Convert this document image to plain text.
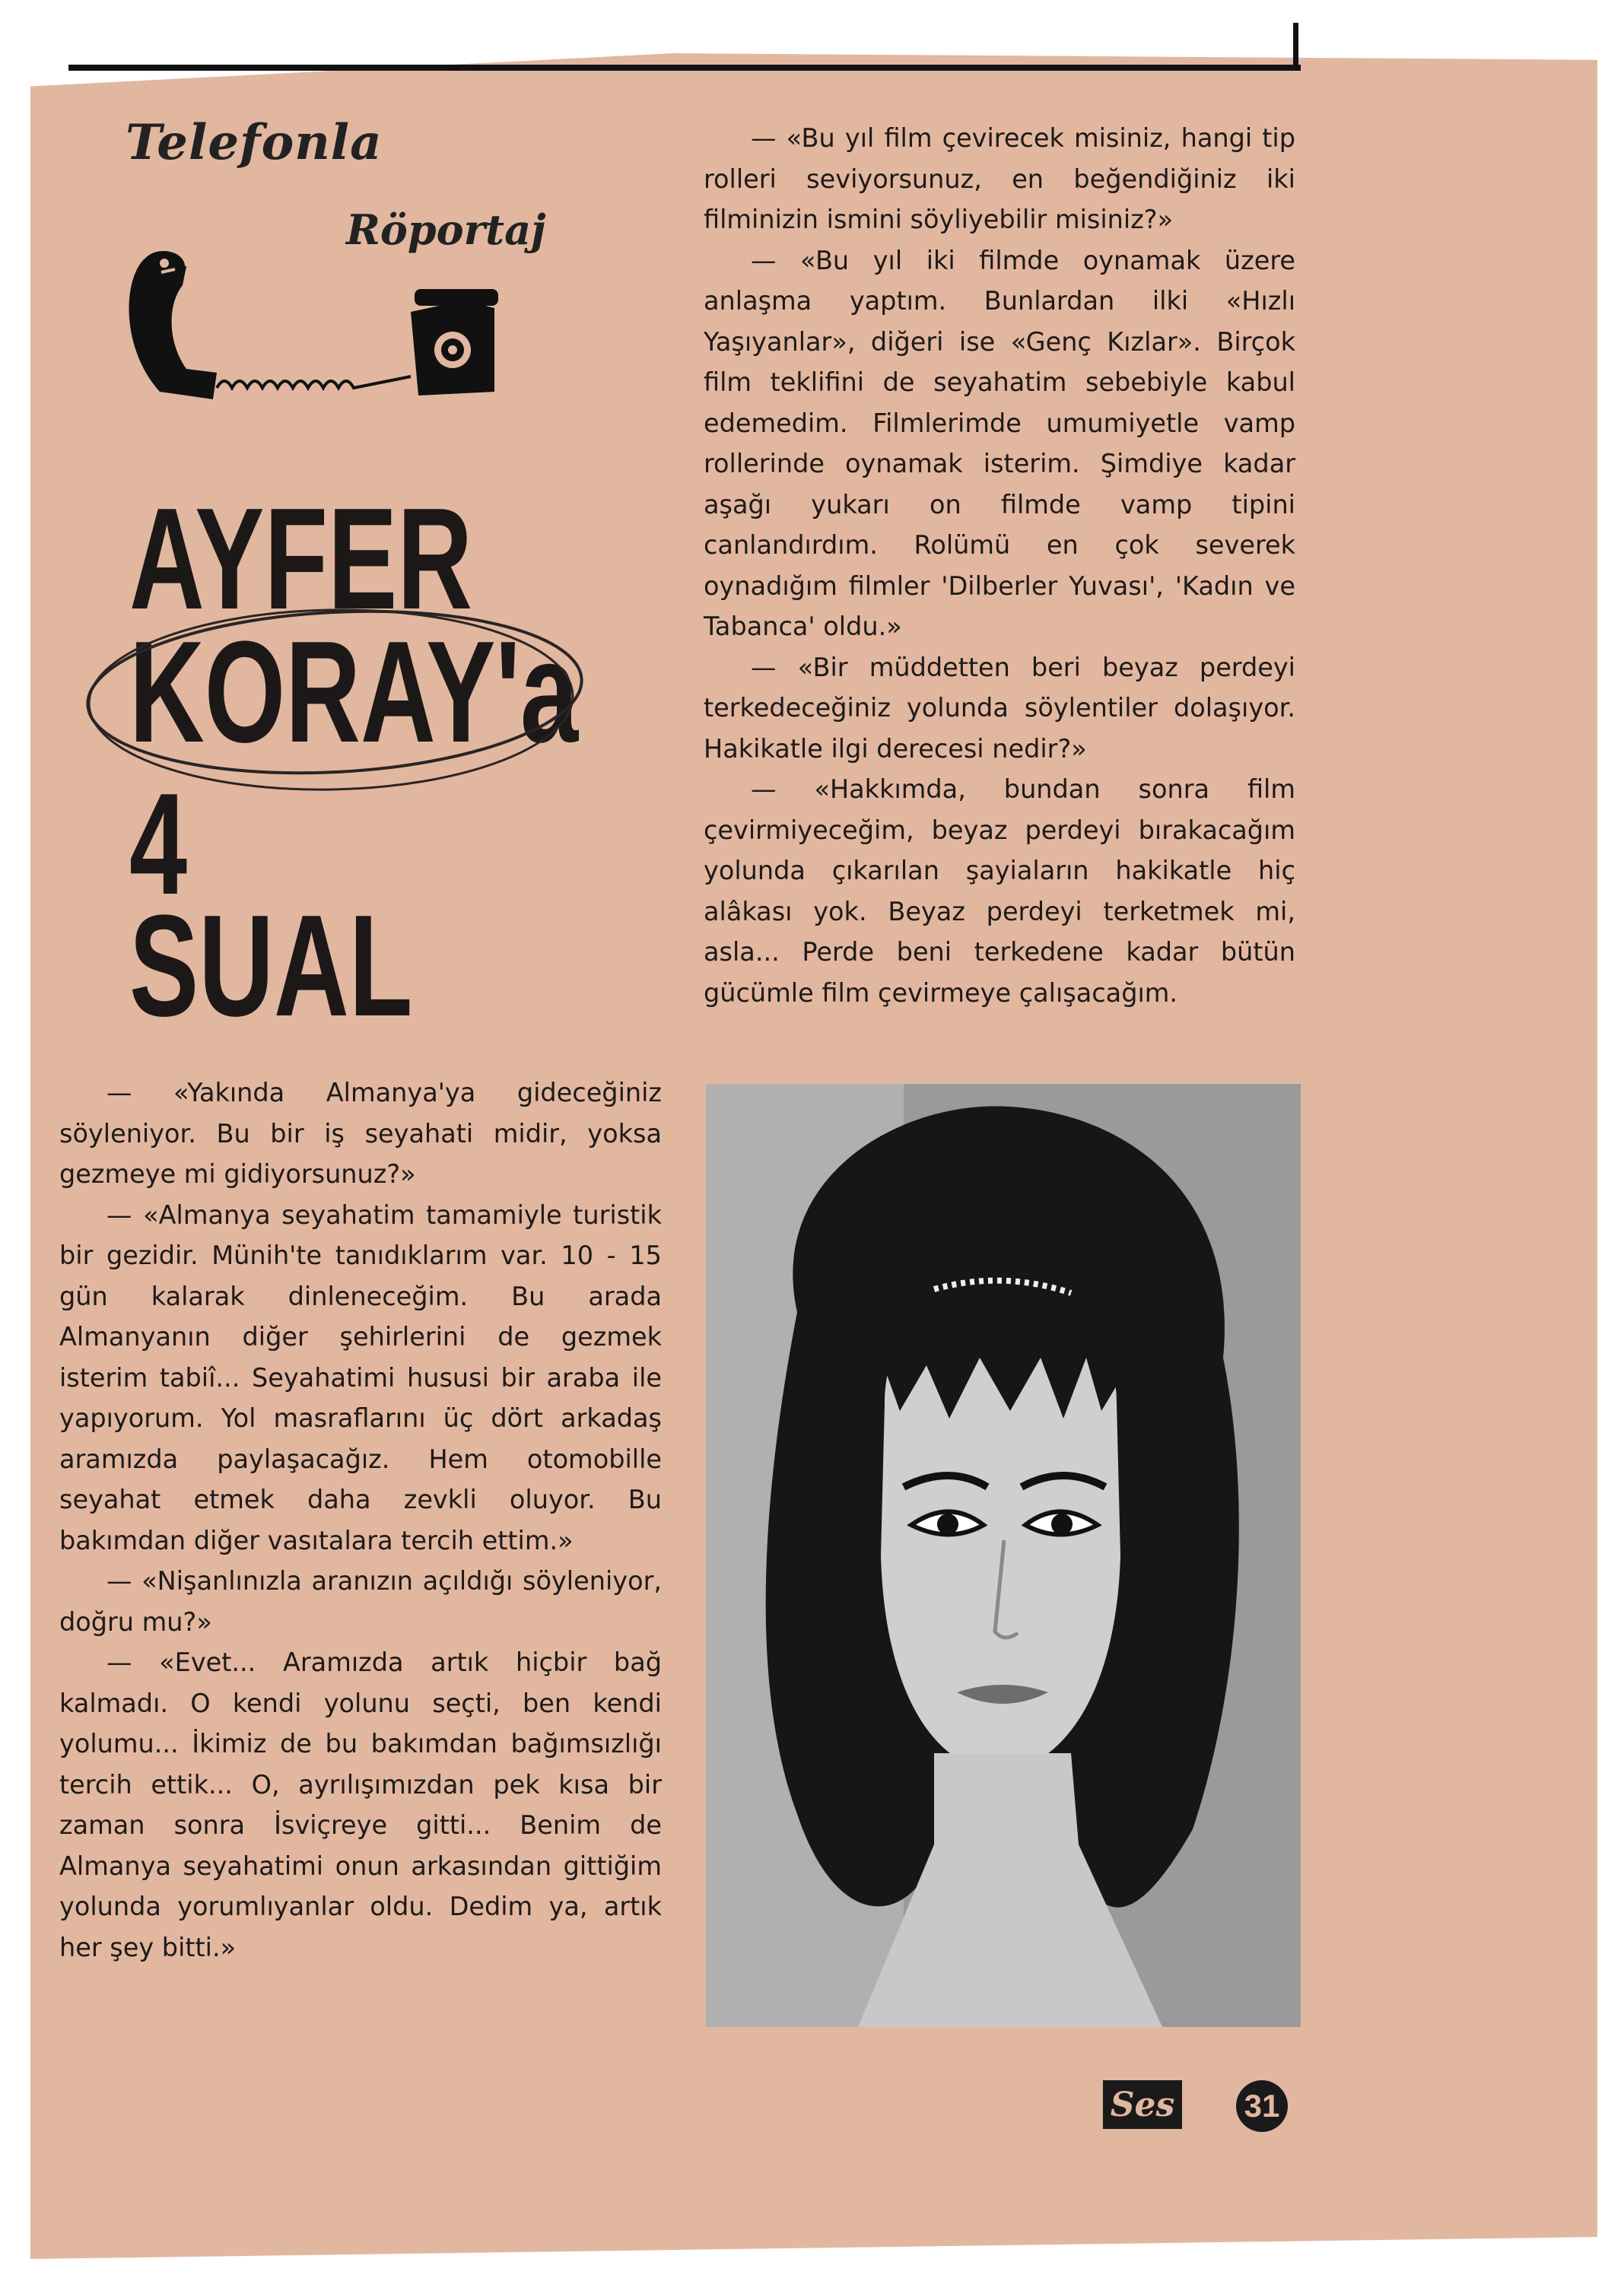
Telefonla
Röportaj
AYFER
KORAY'a
4
SUAL

— «Yakında Almanya'ya gideceğiniz söyleniyor. Bu bir iş seyahati midir, yoksa gezmeye mi gidiyorsunuz?»

— «Almanya seyahatim tamamiyle turistik bir gezidir. Münih'te tanıdıklarım var. 10 - 15 gün kalarak dinleneceğim. Bu arada Almanyanın diğer şehirlerini de gezmek isterim tabiî... Seyahatimi hususi bir araba ile yapıyorum. Yol masraflarını üç dört arkadaş aramızda paylaşacağız. Hem otomobille seyahat etmek daha zevkli oluyor. Bu bakımdan diğer vasıtalara tercih ettim.»

— «Nişanlınızla aranızın açıldığı söyleniyor, doğru mu?»

— «Evet... Aramızda artık hiçbir bağ kalmadı. O kendi yolunu seçti, ben kendi yolumu... İkimiz de bu bakımdan bağımsızlığı tercih ettik... O, ayrılışımızdan pek kısa bir zaman sonra İsviçreye gitti... Benim de Almanya seyahatimi onun arkasından gittiğim yolunda yorumlıyanlar oldu. Dedim ya, artık her şey bitti.»

— «Bu yıl film çevirecek misiniz, hangi tip rolleri seviyorsunuz, en beğendiğiniz iki filminizin ismini söyliyebilir misiniz?»

— «Bu yıl iki filmde oynamak üzere anlaşma yaptım. Bunlardan ilki «Hızlı Yaşıyanlar», diğeri ise «Genç Kızlar». Birçok film teklifini de seyahatim sebebiyle kabul edemedim. Filmlerimde umumiyetle vamp rollerinde oynamak isterim. Şimdiye kadar aşağı yukarı on filmde vamp tipini canlandırdım. Rolümü en çok severek oynadığım filmler 'Dilberler Yuvası', 'Kadın ve Tabanca' oldu.»

— «Bir müddetten beri beyaz perdeyi terkedeceğiniz yolunda söylentiler dolaşıyor. Hakikatle ilgi derecesi nedir?»

— «Hakkımda, bundan sonra film çevirmiyeceğim, beyaz perdeyi bırakacağım yolunda çıkarılan şayiaların hakikatle hiç alâkası yok. Beyaz perdeyi terketmek mi, asla... Perde beni terkedene kadar bütün gücümle film çevirmeye çalışacağım.

Ses 31
